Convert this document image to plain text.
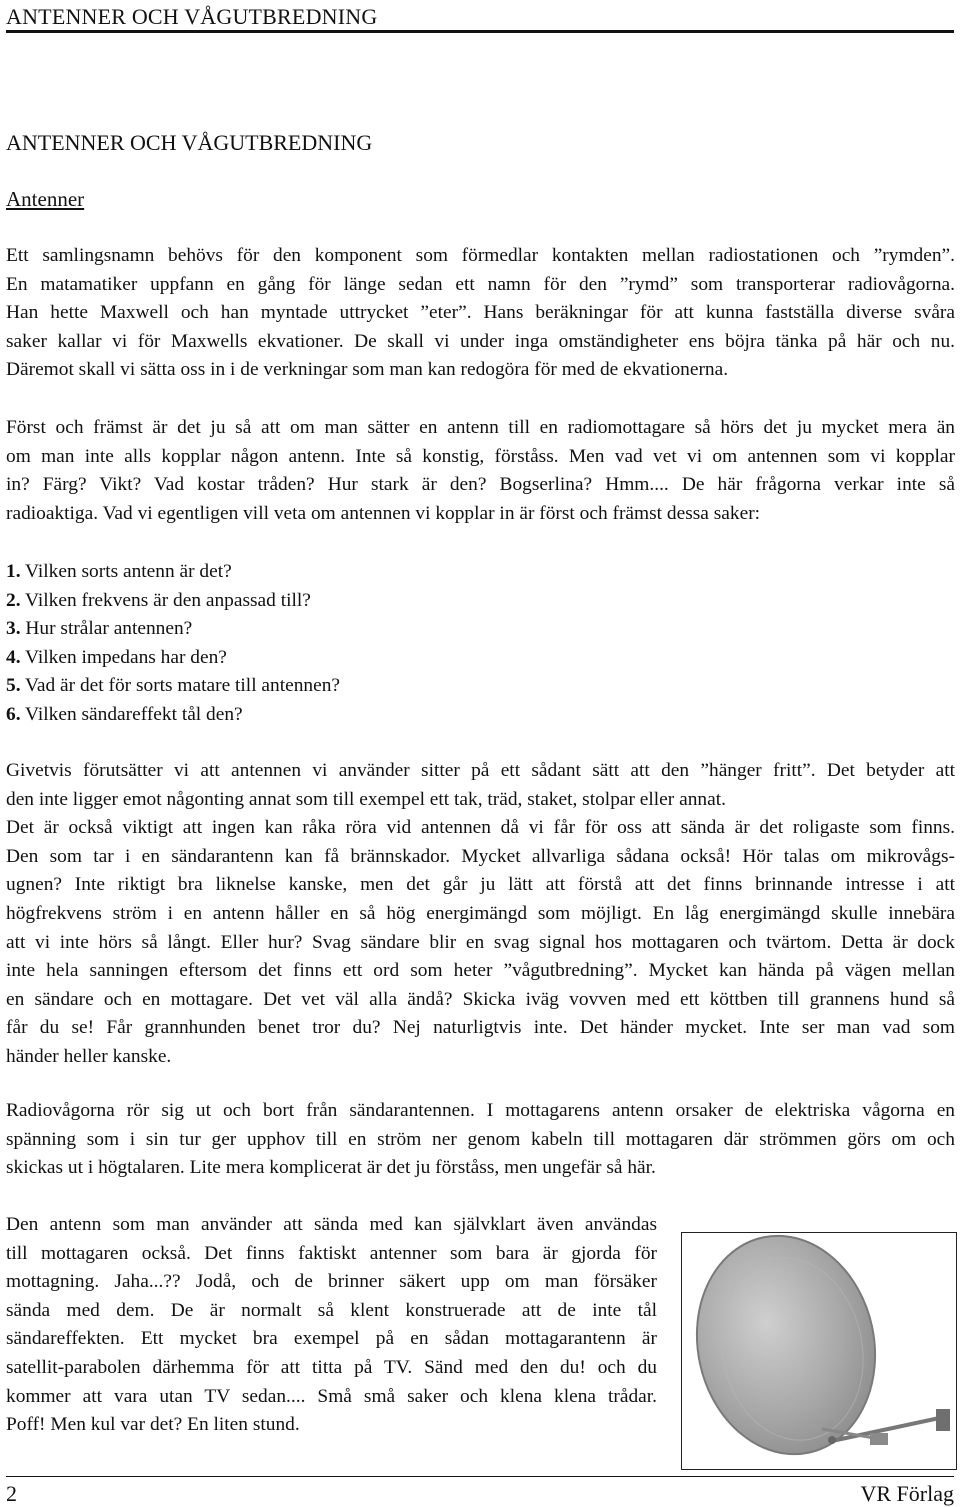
ANTENNER OCH VÅGUTBREDNING
ANTENNER OCH VÅGUTBREDNING
Antenner

Ett samlingsnamn behövs för den komponent som förmedlar kontakten mellan radiostationen och ”rymden”.
En matamatiker uppfann en gång för länge sedan ett namn för den ”rymd” som transporterar radiovågorna.
Han hette Maxwell och han myntade uttrycket ”eter”. Hans beräkningar för att kunna fastställa diverse svåra
saker kallar vi för Maxwells ekvationer. De skall vi under inga omständigheter ens böjra tänka på här och nu.
Däremot skall vi sätta oss in i de verkningar som man kan redogöra för med de ekvationerna.

Först och främst är det ju så att om man sätter en antenn till en radiomottagare så hörs det ju mycket mera än
om man inte alls kopplar någon antenn. Inte så konstig, förståss. Men vad vet vi om antennen som vi kopplar
in? Färg? Vikt? Vad kostar tråden? Hur stark är den? Bogserlina? Hmm.... De här frågorna verkar inte så
radioaktiga. Vad vi egentligen vill veta om antennen vi kopplar in är först och främst dessa saker:

1. Vilken sorts antenn är det?
2. Vilken frekvens är den anpassad till?
3. Hur strålar antennen?
4. Vilken impedans har den?
5. Vad är det för sorts matare till antennen?
6. Vilken sändareffekt tål den?

Givetvis förutsätter vi att antennen vi använder sitter på ett sådant sätt att den ”hänger fritt”. Det betyder att
den inte ligger emot någonting annat som till exempel ett tak, träd, staket, stolpar eller annat.
Det är också viktigt att ingen kan råka röra vid antennen då vi får för oss att sända är det roligaste som finns.
Den som tar i en sändarantenn kan få brännskador. Mycket allvarliga sådana också! Hör talas om mikrovågs-
ugnen? Inte riktigt bra liknelse kanske, men det går ju lätt att förstå att det finns brinnande intresse i att
högfrekvens ström i en antenn håller en så hög energimängd som möjligt. En låg energimängd skulle innebära
att vi inte hörs så långt. Eller hur? Svag sändare blir en svag signal hos mottagaren och tvärtom. Detta är dock
inte hela sanningen eftersom det finns ett ord som heter ”vågutbredning”. Mycket kan hända på vägen mellan
en sändare och en mottagare. Det vet väl alla ändå? Skicka iväg vovven med ett köttben till grannens hund så
får du se! Får grannhunden benet tror du? Nej naturligtvis inte. Det händer mycket. Inte ser man vad som
händer heller kanske.

Radiovågorna rör sig ut och bort från sändarantennen. I mottagarens antenn orsaker de elektriska vågorna en
spänning som i sin tur ger upphov till en ström ner genom kabeln till mottagaren där strömmen görs om och
skickas ut i högtalaren. Lite mera komplicerat är det ju förståss, men ungefär så här.

Den antenn som man använder att sända med kan självklart även användas
till mottagaren också. Det finns faktiskt antenner som bara är gjorda för
mottagning. Jaha...?? Jodå, och de brinner säkert upp om man försäker
sända med dem. De är normalt så klent konstruerade att de inte tål
sändareffekten. Ett mycket bra exempel på en sådan mottagarantenn är
satellit-parabolen därhemma för att titta på TV. Sänd med den du! och du
kommer att vara utan TV sedan.... Små små saker och klena klena trådar.
Poff! Men kul var det? En liten stund.

2	VR Förlag
